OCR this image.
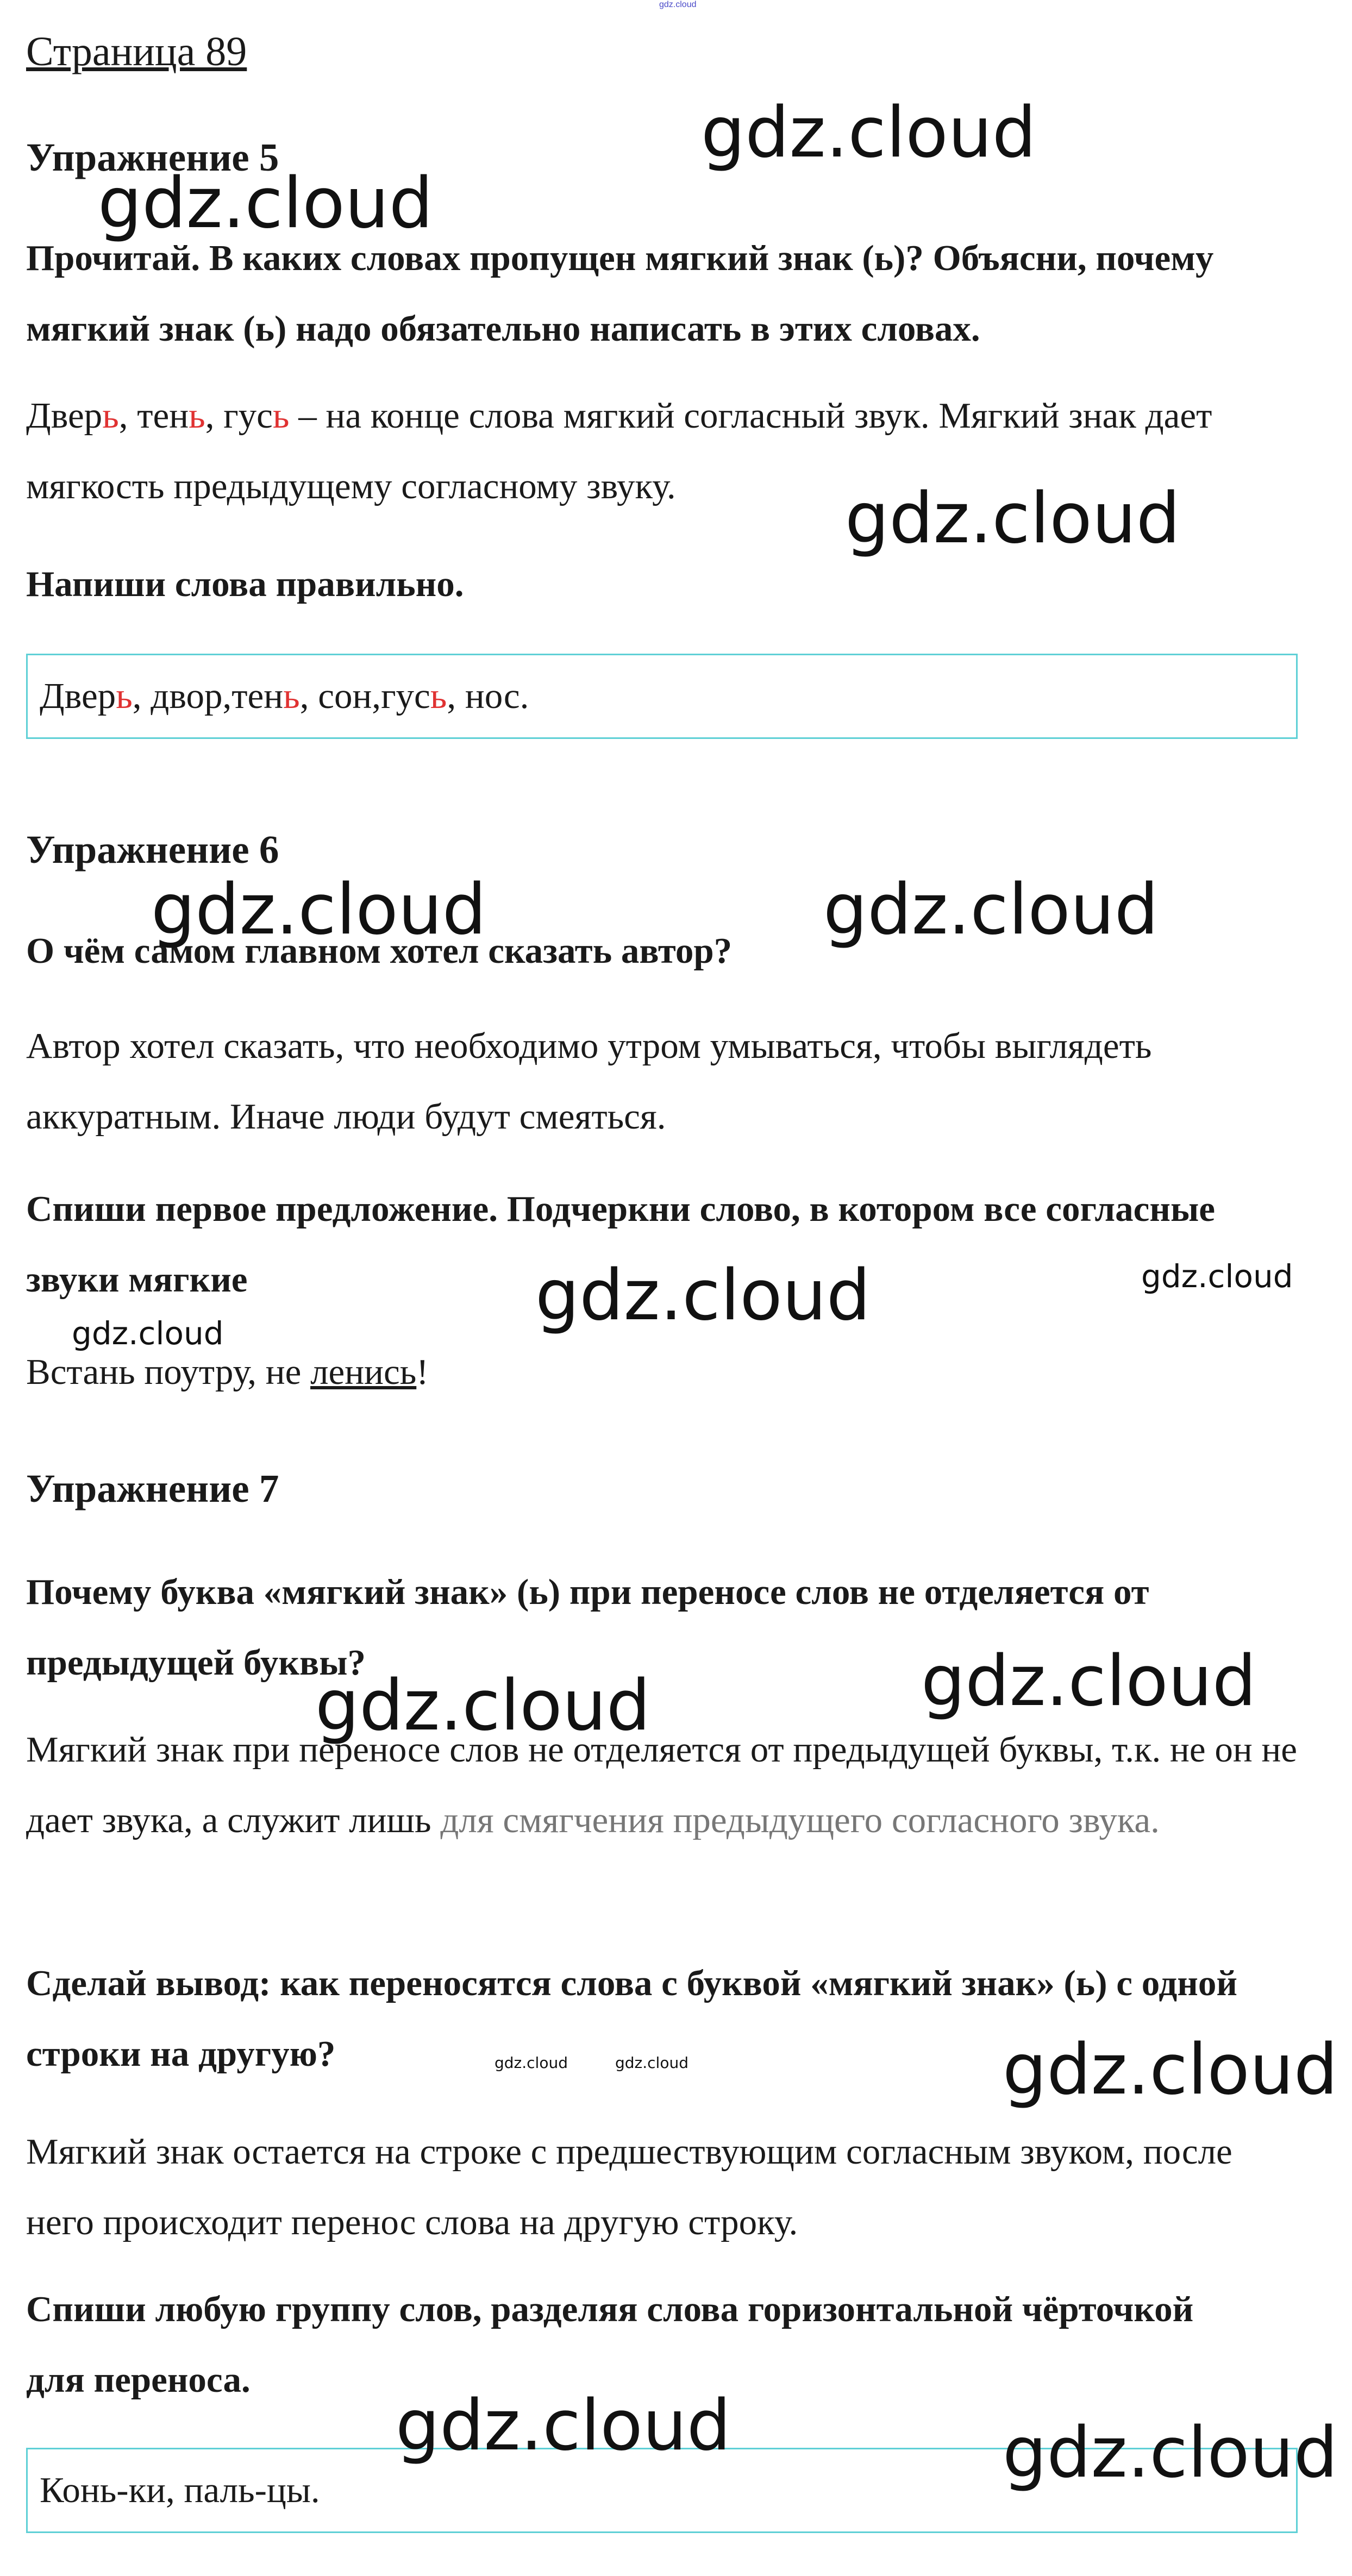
gdz.cloud
Страница 89
Упражнение 5

Прочитай. В каких словах пропущен мягкий знак (ь)? Объясни, почему мягкий знак (ь) надо обязательно написать в этих словах.

Дверь, тень, гусь – на конце слова мягкий согласный звук. Мягкий знак дает мягкость предыдущему согласному звуку.

Напиши слова правильно.

Двер ь , двор, тен ь , сон, гус ь , нос.
Упражнение 6

О чём самом главном хотел сказать автор?

Автор хотел сказать, что необходимо утром умываться, чтобы выглядеть аккуратным. Иначе люди будут смеяться.

Спиши первое предложение. Подчеркни слово, в котором все согласные звуки мягкие

Встань поутру, не ленись!

Упражнение 7

Почему буква «мягкий знак» (ь) при переносе слов не отделяется от предыдущей буквы?

Мягкий знак при переносе слов не отделяется от предыдущей буквы, т.к. не он не дает звука, а служит лишь для смягчения предыдущего согласного звука.

Сделай вывод: как переносятся слова с буквой «мягкий знак» (ь) с одной строки на другую?

Мягкий знак остается на строке с предшествующим согласным звуком, после него происходит перенос слова на другую строку.

Спиши любую группу слов, разделяя слова горизонтальной чёрточкой для переноса.

Конь-ки, паль-цы.
gdz.cloud
gdz.cloud
gdz.cloud
gdz.cloud	gdz.cloud
gdz.cloud	gdz.cloud
gdz.cloud
gdz.cloud
gdz.cloud
gdz.cloud	gdz.cloud	gdz.cloud
gdz.cloud	gdz.cloud
